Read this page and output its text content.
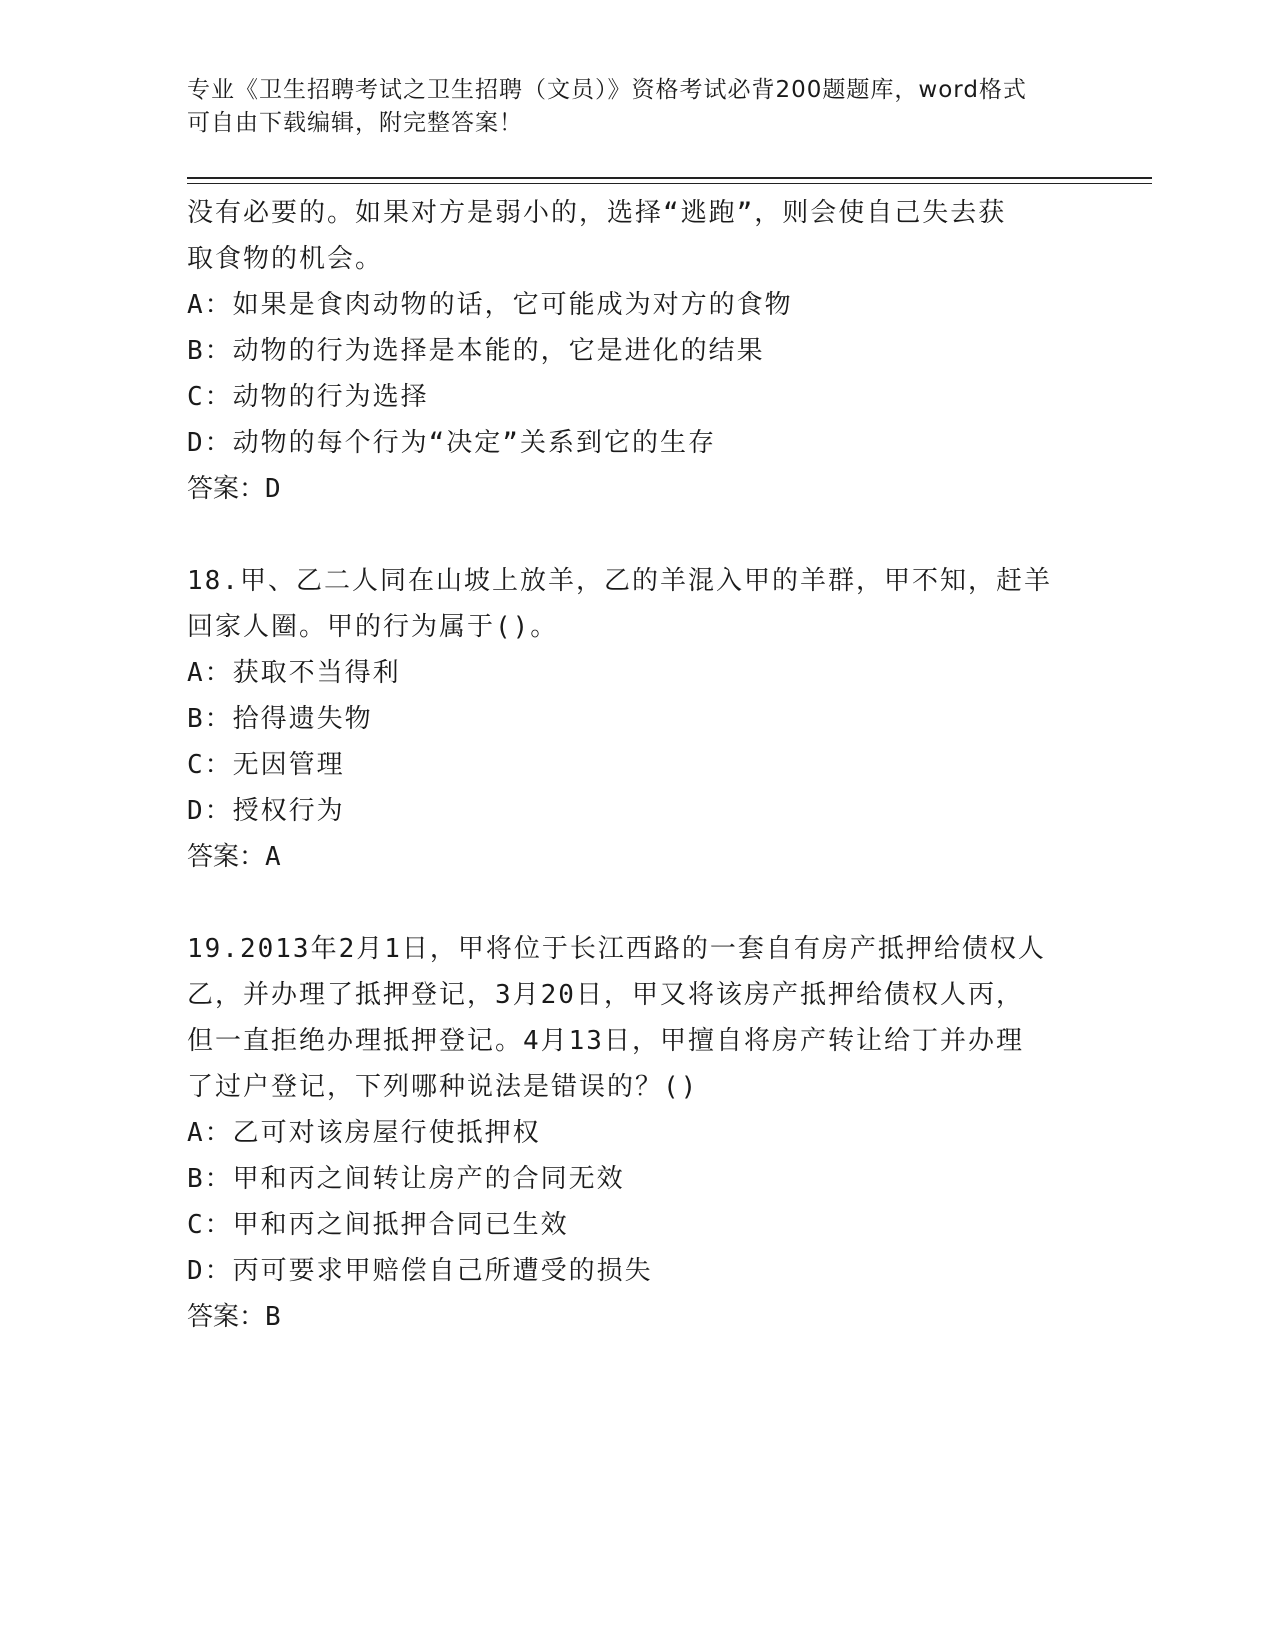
专业《卫生招聘考试之卫生招聘（文员）》资格考试必背200题题库，word格式
可自由下载编辑，附完整答案！

没有必要的。如果对方是弱小的，选择“逃跑”，则会使自己失去获

取食物的机会。

A：如果是食肉动物的话，它可能成为对方的食物

B：动物的行为选择是本能的，它是进化的结果

C：动物的行为选择

D：动物的每个行为“决定”关系到它的生存

答案：D

18.甲、乙二人同在山坡上放羊，乙的羊混入甲的羊群，甲不知，赶羊

回家人圈。甲的行为属于()。

A：获取不当得利

B：拾得遗失物

C：无因管理

D：授权行为

答案：A

19.2013年2月1日，甲将位于长江西路的一套自有房产抵押给债权人

乙，并办理了抵押登记，3月20日，甲又将该房产抵押给债权人丙，

但一直拒绝办理抵押登记。4月13日，甲擅自将房产转让给丁并办理

了过户登记，下列哪种说法是错误的？()

A：乙可对该房屋行使抵押权

B：甲和丙之间转让房产的合同无效

C：甲和丙之间抵押合同已生效

D：丙可要求甲赔偿自己所遭受的损失

答案：B
